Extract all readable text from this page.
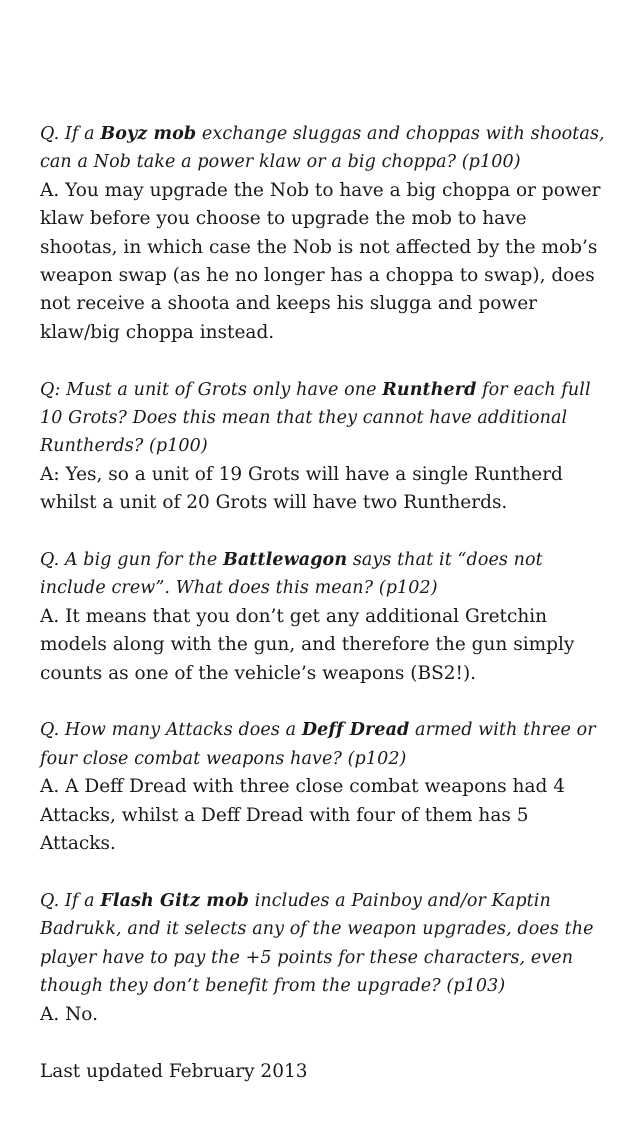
Q. If a Boyz mob exchange sluggas and choppas with shootas, can a Nob take a power klaw or a big choppa? (p100)
A. You may upgrade the Nob to have a big choppa or power klaw before you choose to upgrade the mob to have shootas, in which case the Nob is not affected by the mob’s weapon swap (as he no longer has a choppa to swap), does not receive a shoota and keeps his slugga and power klaw/big choppa instead.
Q: Must a unit of Grots only have one Runtherd for each full 10 Grots? Does this mean that they cannot have additional Runtherds? (p100)
A: Yes, so a unit of 19 Grots will have a single Runtherd whilst a unit of 20 Grots will have two Runtherds.
Q. A big gun for the Battlewagon says that it “does not include crew”. What does this mean? (p102)
A. It means that you don’t get any additional Gretchin models along with the gun, and therefore the gun simply counts as one of the vehicle’s weapons (BS2!).
Q. How many Attacks does a Deff Dread armed with three or four close combat weapons have? (p102)
A. A Deff Dread with three close combat weapons had 4 Attacks, whilst a Deff Dread with four of them has 5 Attacks.
Q. If a Flash Gitz mob includes a Painboy and/or Kaptin Badrukk, and it selects any of the weapon upgrades, does the player have to pay the +5 points for these characters, even though they don’t benefit from the upgrade? (p103)
A. No.
Last updated February 2013
